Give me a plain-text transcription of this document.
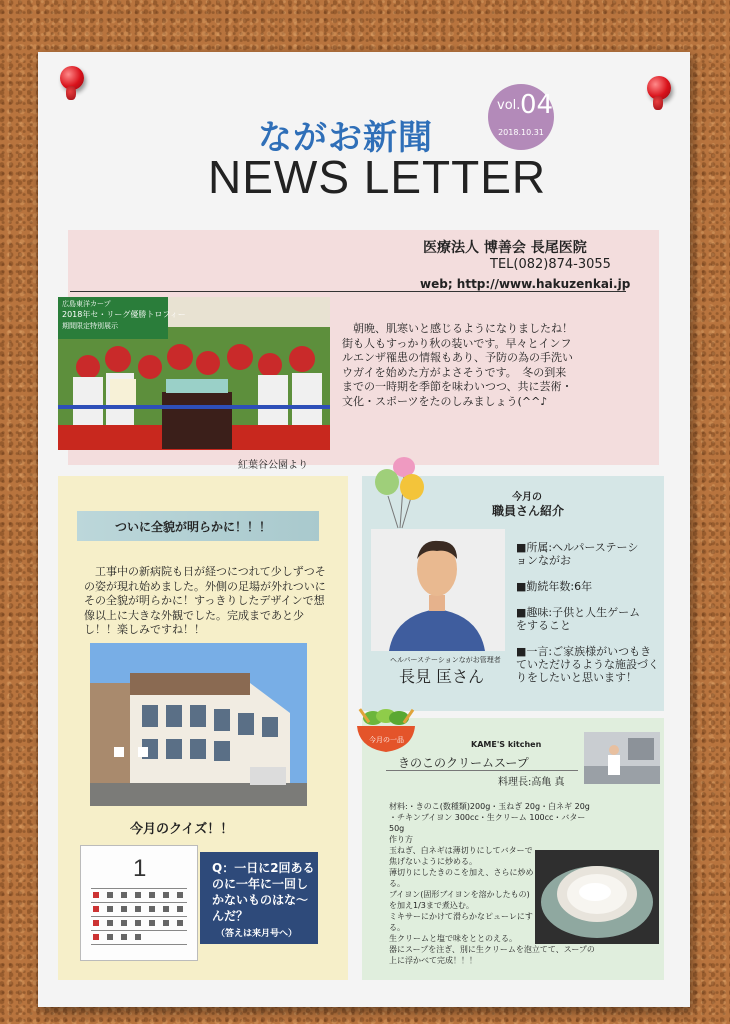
ながお新聞
NEWS LETTER
vol. 04
2018.10.31
医療法人 博善会 長尾医院
TEL(082)874-3055
web; http://www.hakuzenkai.jp
広島東洋カープ
2018年セ・リーグ優勝トロフィー
期間限定特別展示
紅葉谷公園より
　朝晩、肌寒いと感じるようになりましたね！街も人もすっかり秋の装いです。早々とインフルエンザ罹患の情報もあり、予防の為の手洗いウガイを始めた方がよさそうです。　冬の到来までの一時期を季節を味わいつつ、共に芸術・文化・スポーツをたのしみましょう(^^♪
ついに全貌が明らかに！！！
　工事中の新病院も日が経つにつれて少しずつその姿が現れ始めました。外側の足場が外れついにその全貌が明らかに！すっきりしたデザインで想像以上に大きな外観でした。完成まであと少し！！楽しみですね！！
今月のクイズ！！
1	Q：一日に2回あるのに一年に一回しかないものはな〜んだ？
（答えは来月号へ）
今月の
職員さん紹介
ヘルパーステーションながお管理者
長見 匡さん
■所属:ヘルパーステーションながお
■勤続年数:6年
■趣味:子供と人生ゲームをすること
■一言:ご家族様がいつもきていただけるような施設づくりをしたいと思います！
今月の一品	KAME'S kitchen
きのこのクリームスープ
料理長:高亀 真
材料:・きのこ(数種類)200g・玉ねぎ 20g・白ネギ 20g
・チキンブイヨン 300cc・生クリーム 100cc・バター 50g
作り方
玉ねぎ、白ネギは薄切りにしてバターで焦げないように炒める。
薄切りにしたきのこを加え、さらに炒める。
ブイヨン(固形ブイヨンを溶かしたもの)を加え1/3まで煮込む。
ミキサーにかけて滑らかなピューレにする。
生クリームと塩で味をととのえる。
器にスープを注ぎ、別に生クリームを泡立てて、スープの上に浮かべて完成！！！
